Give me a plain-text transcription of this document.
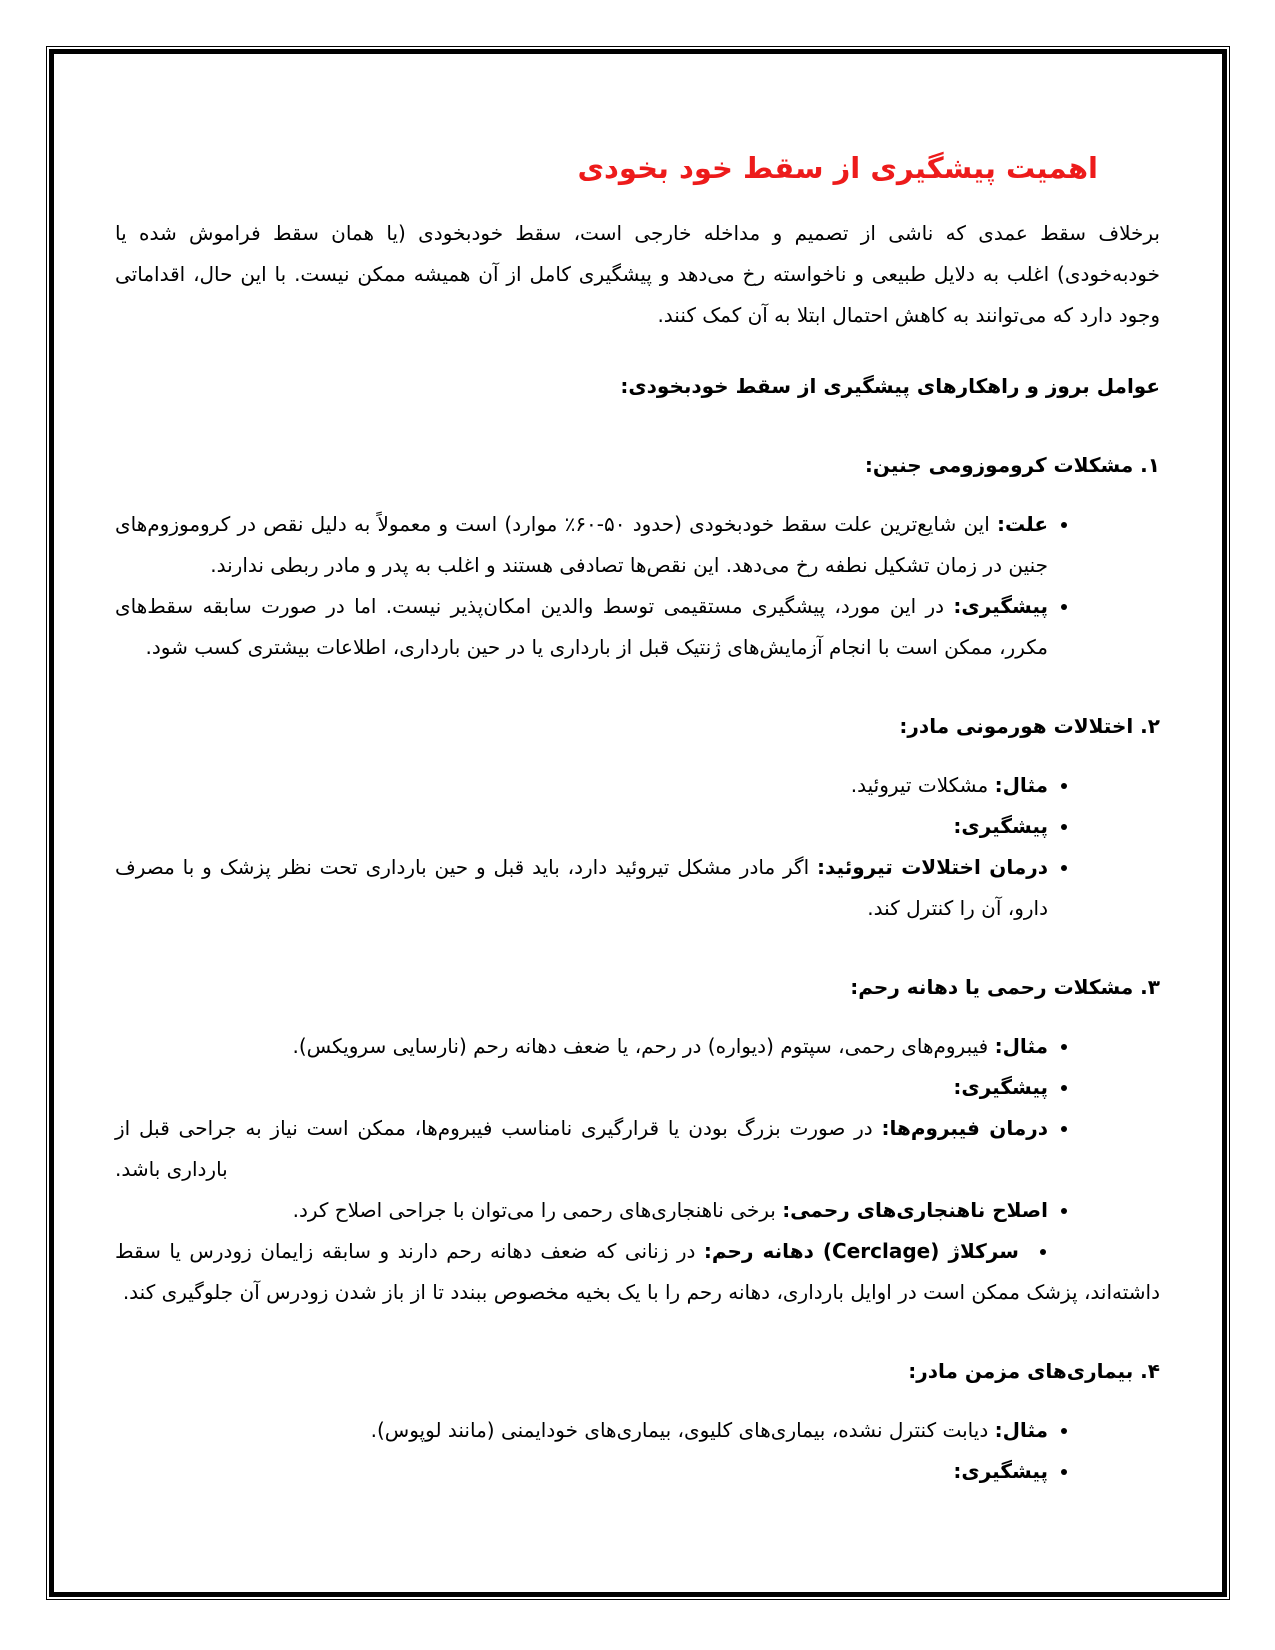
اهمیت پیشگیری از سقط خود بخودی

برخلاف سقط عمدی که ناشی از تصمیم و مداخله خارجی است، سقط خودبخودی (یا همان سقط فراموش شده یا خودبه‌خودی) اغلب به دلایل طبیعی و ناخواسته رخ می‌دهد و پیشگیری کامل از آن همیشه ممکن نیست. با این حال، اقداماتی وجود دارد که می‌توانند به کاهش احتمال ابتلا به آن کمک کنند.

عوامل بروز و راهکارهای پیشگیری از سقط خودبخودی:
۱. مشکلات کروموزومی جنین:
• علت: این شایع‌ترین علت سقط خودبخودی (حدود ۵۰-۶۰٪ موارد) است و معمولاً به دلیل نقص در کروموزوم‌های جنین در زمان تشکیل نطفه رخ می‌دهد. این نقص‌ها تصادفی هستند و اغلب به پدر و مادر ربطی ندارند.
• پیشگیری: در این مورد، پیشگیری مستقیمی توسط والدین امکان‌پذیر نیست. اما در صورت سابقه سقط‌های مکرر، ممکن است با انجام آزمایش‌های ژنتیک قبل از بارداری یا در حین بارداری، اطلاعات بیشتری کسب شود.
۲. اختلالات هورمونی مادر:
• مثال: مشکلات تیروئید.
• پیشگیری:
• درمان اختلالات تیروئید: اگر مادر مشکل تیروئید دارد، باید قبل و حین بارداری تحت نظر پزشک و با مصرف دارو، آن را کنترل کند.
۳. مشکلات رحمی یا دهانه رحم:
• مثال: فیبروم‌های رحمی، سپتوم (دیواره) در رحم، یا ضعف دهانه رحم (نارسایی سرویکس).
• پیشگیری:
• درمان فیبروم‌ها: در صورت بزرگ بودن یا قرارگیری نامناسب فیبروم‌ها، ممکن است نیاز به جراحی قبل از بارداری باشد.
• اصلاح ناهنجاری‌های رحمی: برخی ناهنجاری‌های رحمی را می‌توان با جراحی اصلاح کرد.
• سرکلاژ (Cerclage) دهانه رحم: در زنانی که ضعف دهانه رحم دارند و سابقه زایمان زودرس یا سقط داشته‌اند، پزشک ممکن است در اوایل بارداری، دهانه رحم را با یک بخیه مخصوص ببندد تا از باز شدن زودرس آن جلوگیری کند.
۴. بیماری‌های مزمن مادر:
• مثال: دیابت کنترل نشده، بیماری‌های کلیوی، بیماری‌های خودایمنی (مانند لوپوس).
• پیشگیری:
